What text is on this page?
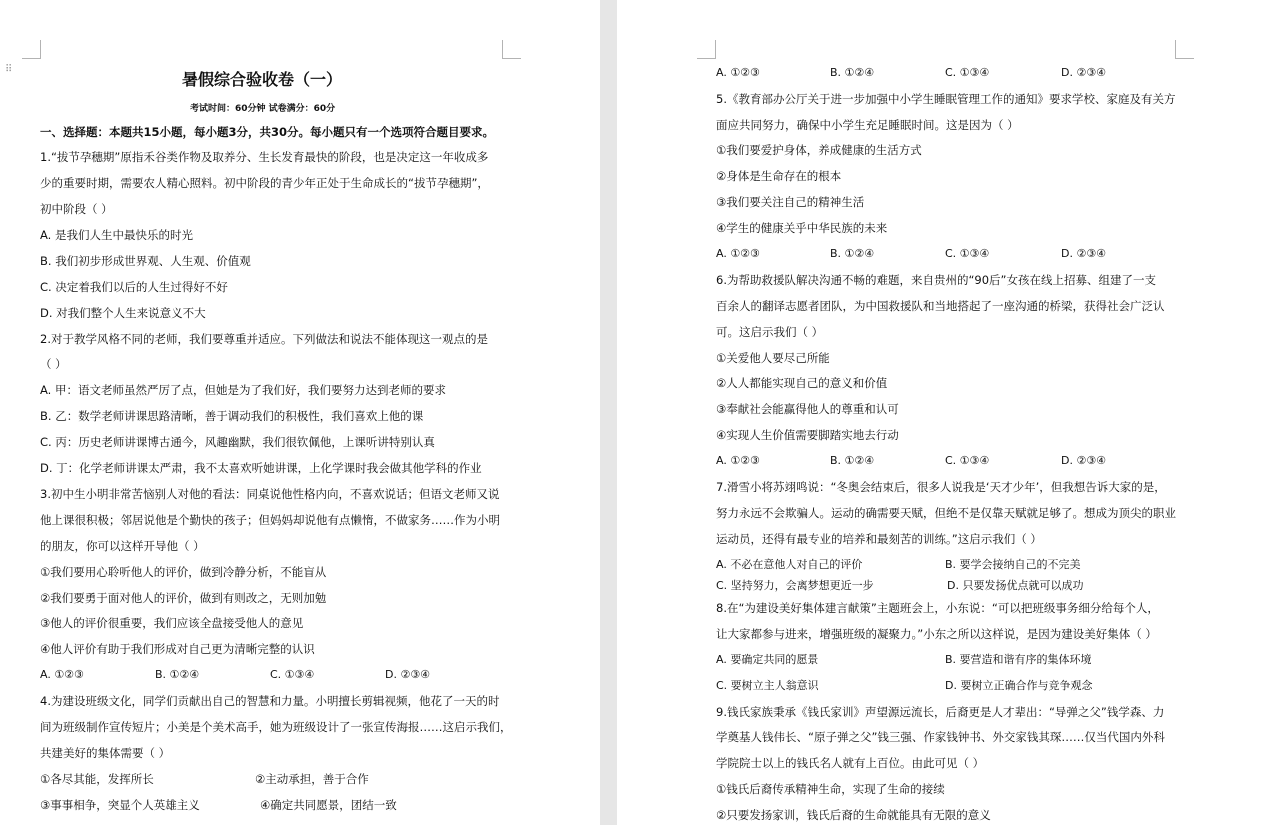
⠿
暑假综合验收卷（一）
考试时间：60分钟 试卷满分：60分
一、选择题：本题共15小题，每小题3分，共30分。每小题只有一个选项符合题目要求。
1.“拔节孕穗期”原指禾谷类作物及取养分、生长发育最快的阶段，也是决定这一年收成多
少的重要时期，需要农人精心照料。初中阶段的青少年正处于生命成长的“拔节孕穗期”，
初中阶段（ ）
A. 是我们人生中最快乐的时光
B. 我们初步形成世界观、人生观、价值观
C. 决定着我们以后的人生过得好不好
D. 对我们整个人生来说意义不大
2.对于教学风格不同的老师，我们要尊重并适应。下列做法和说法不能体现这一观点的是
（ ）
A. 甲：语文老师虽然严厉了点，但她是为了我们好，我们要努力达到老师的要求
B. 乙：数学老师讲课思路清晰，善于调动我们的积极性，我们喜欢上他的课
C. 丙：历史老师讲课博古通今，风趣幽默，我们很钦佩他，上课听讲特别认真
D. 丁：化学老师讲课太严肃，我不太喜欢听她讲课，上化学课时我会做其他学科的作业
3.初中生小明非常苦恼别人对他的看法：同桌说他性格内向，不喜欢说话；但语文老师又说
他上课很积极；邻居说他是个勤快的孩子；但妈妈却说他有点懒惰，不做家务……作为小明
的朋友，你可以这样开导他（ ）
①我们要用心聆听他人的评价，做到冷静分析，不能盲从
②我们要勇于面对他人的评价，做到有则改之，无则加勉
③他人的评价很重要，我们应该全盘接受他人的意见
④他人评价有助于我们形成对自己更为清晰完整的认识
A. ①②③	B. ①②④	C. ①③④	D. ②③④
4.为建设班级文化，同学们贡献出自己的智慧和力量。小明擅长剪辑视频，他花了一天的时
间为班级制作宣传短片；小美是个美术高手，她为班级设计了一张宣传海报……这启示我们，
共建美好的集体需要（ ）
①各尽其能，发挥所长	②主动承担，善于合作
③事事相争，突显个人英雄主义	④确定共同愿景，团结一致
A. ①②③	B. ①②④	C. ①③④	D. ②③④
5.《教育部办公厅关于进一步加强中小学生睡眠管理工作的通知》要求学校、家庭及有关方
面应共同努力，确保中小学生充足睡眠时间。这是因为（ ）
①我们要爱护身体，养成健康的生活方式
②身体是生命存在的根本
③我们要关注自己的精神生活
④学生的健康关乎中华民族的未来
A. ①②③	B. ①②④	C. ①③④	D. ②③④
6.为帮助救援队解决沟通不畅的难题，来自贵州的“90后”女孩在线上招募、组建了一支
百余人的翻译志愿者团队，为中国救援队和当地搭起了一座沟通的桥梁，获得社会广泛认
可。这启示我们（ ）
①关爱他人要尽己所能
②人人都能实现自己的意义和价值
③奉献社会能赢得他人的尊重和认可
④实现人生价值需要脚踏实地去行动
A. ①②③	B. ①②④	C. ①③④	D. ②③④
7.滑雪小将苏翊鸣说：“冬奥会结束后，很多人说我是‘天才少年’，但我想告诉大家的是，
努力永远不会欺骗人。运动的确需要天赋，但绝不是仅靠天赋就足够了。想成为顶尖的职业
运动员，还得有最专业的培养和最刻苦的训练。”这启示我们（ ）
A. 不必在意他人对自己的评价	B. 要学会接纳自己的不完美
C. 坚持努力，会离梦想更近一步	D. 只要发扬优点就可以成功
8.在“为建设美好集体建言献策”主题班会上，小东说：“可以把班级事务细分给每个人，
让大家都参与进来，增强班级的凝聚力。”小东之所以这样说，是因为建设美好集体（ ）
A. 要确定共同的愿景	B. 要营造和谐有序的集体环境
C. 要树立主人翁意识	D. 要树立正确合作与竞争观念
9.钱氏家族秉承《钱氏家训》声望源远流长，后裔更是人才辈出：“导弹之父”钱学森、力
学奠基人钱伟长、“原子弹之父”钱三强、作家钱钟书、外交家钱其琛……仅当代国内外科
学院院士以上的钱氏名人就有上百位。由此可见（ ）
①钱氏后裔传承精神生命，实现了生命的接续
②只要发扬家训，钱氏后裔的生命就能具有无限的意义
